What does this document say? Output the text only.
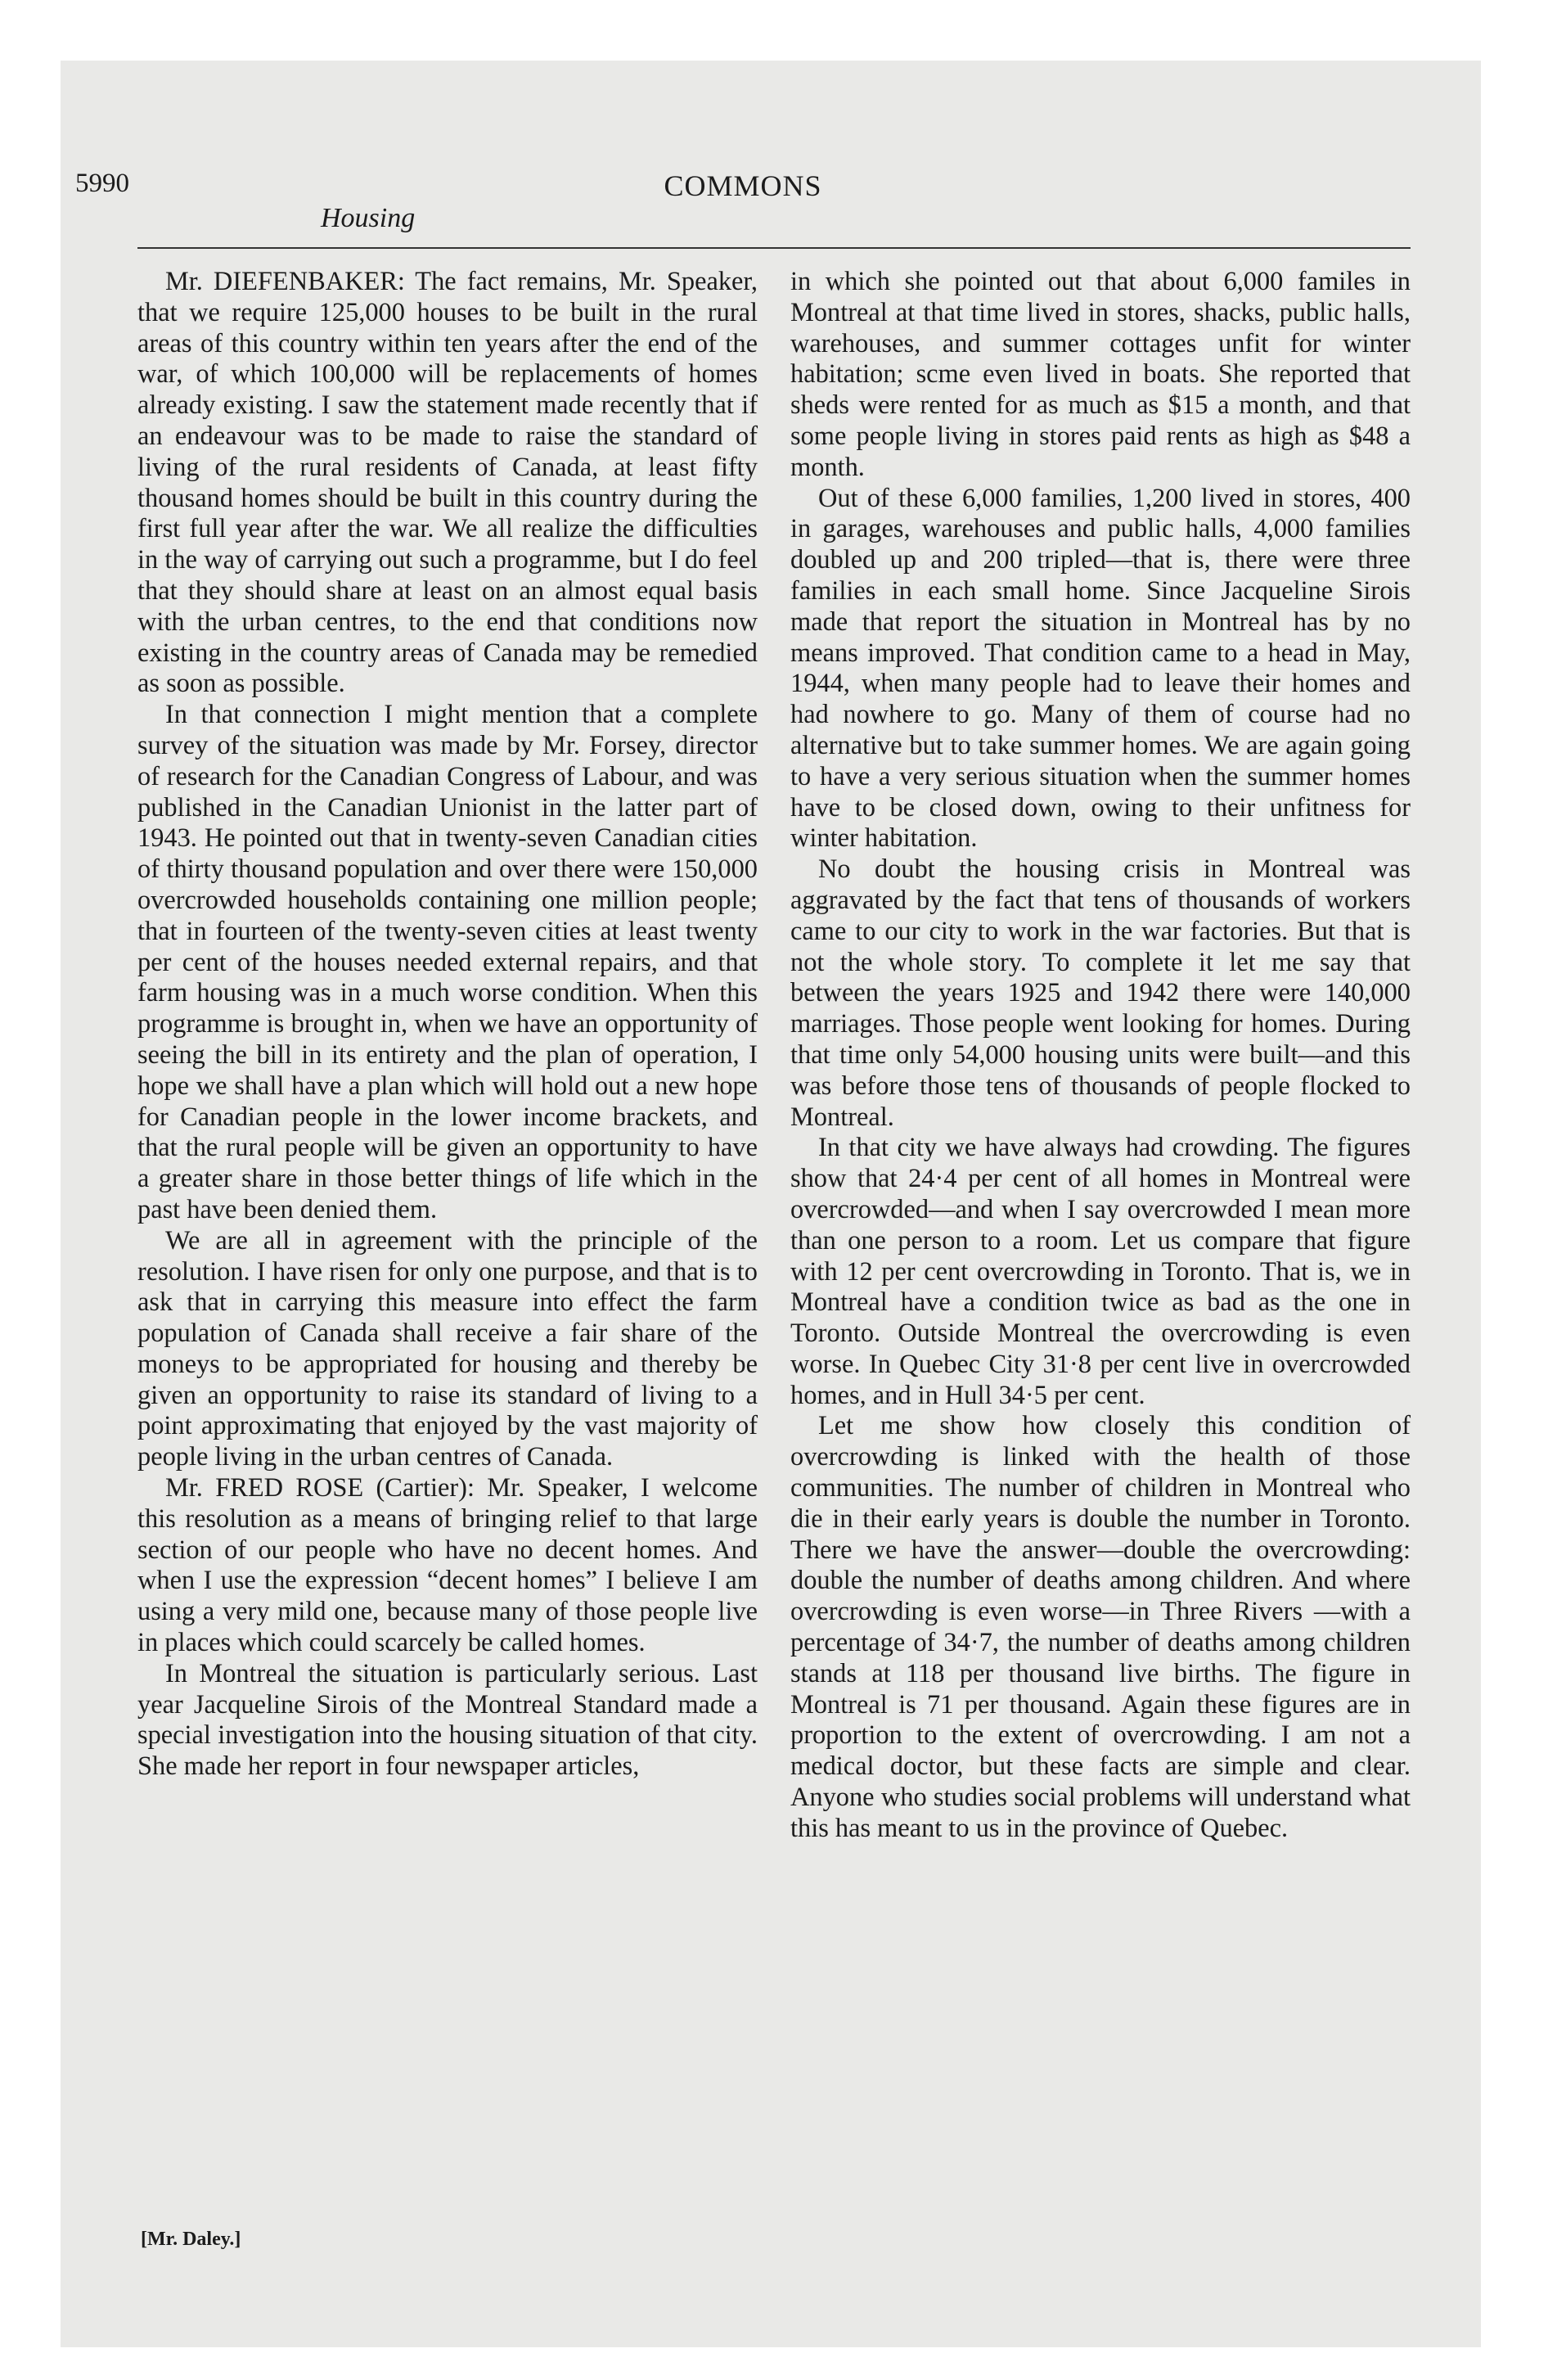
5990	COMMONS
Housing

Mr. DIEFENBAKER: The fact remains, Mr. Speaker, that we require 125,000 houses to be built in the rural areas of this country within ten years after the end of the war, of which 100,000 will be replacements of homes already existing. I saw the statement made recently that if an endeavour was to be made to raise the standard of living of the rural residents of Canada, at least fifty thousand homes should be built in this country during the first full year after the war. We all realize the difficulties in the way of carrying out such a programme, but I do feel that they should share at least on an almost equal basis with the urban centres, to the end that conditions now existing in the country areas of Canada may be remedied as soon as possible.

In that connection I might mention that a complete survey of the situation was made by Mr. Forsey, director of research for the Canadian Congress of Labour, and was published in the Canadian Unionist in the latter part of 1943. He pointed out that in twenty-seven Canadian cities of thirty thousand population and over there were 150,000 overcrowded households containing one million people; that in fourteen of the twenty-seven cities at least twenty per cent of the houses needed external repairs, and that farm housing was in a much worse condition. When this programme is brought in, when we have an opportunity of seeing the bill in its entirety and the plan of operation, I hope we shall have a plan which will hold out a new hope for Canadian people in the lower income brackets, and that the rural people will be given an opportunity to have a greater share in those better things of life which in the past have been denied them.

We are all in agreement with the principle of the resolution. I have risen for only one purpose, and that is to ask that in carrying this measure into effect the farm population of Canada shall receive a fair share of the moneys to be appropriated for housing and thereby be given an opportunity to raise its standard of living to a point approximating that enjoyed by the vast majority of people living in the urban centres of Canada.

Mr. FRED ROSE (Cartier): Mr. Speaker, I welcome this resolution as a means of bringing relief to that large section of our people who have no decent homes. And when I use the expression “decent homes” I believe I am using a very mild one, because many of those people live in places which could scarcely be called homes.

In Montreal the situation is particularly serious. Last year Jacqueline Sirois of the Montreal Standard made a special investigation into the housing situation of that city. She made her report in four newspaper articles,

in which she pointed out that about 6,000 familes in Montreal at that time lived in stores, shacks, public halls, warehouses, and summer cottages unfit for winter habitation; scme even lived in boats. She reported that sheds were rented for as much as $15 a month, and that some people living in stores paid rents as high as $48 a month.

Out of these 6,000 families, 1,200 lived in stores, 400 in garages, warehouses and public halls, 4,000 families doubled up and 200 tripled—that is, there were three families in each small home. Since Jacqueline Sirois made that report the situation in Montreal has by no means improved. That condition came to a head in May, 1944, when many people had to leave their homes and had nowhere to go. Many of them of course had no alternative but to take summer homes. We are again going to have a very serious situation when the summer homes have to be closed down, owing to their unfitness for winter habitation.

No doubt the housing crisis in Montreal was aggravated by the fact that tens of thousands of workers came to our city to work in the war factories. But that is not the whole story. To complete it let me say that between the years 1925 and 1942 there were 140,000 marriages. Those people went looking for homes. During that time only 54,000 housing units were built—and this was before those tens of thousands of people flocked to Montreal.

In that city we have always had crowding. The figures show that 24·4 per cent of all homes in Montreal were overcrowded—and when I say overcrowded I mean more than one person to a room. Let us compare that figure with 12 per cent overcrowding in Toronto. That is, we in Montreal have a condition twice as bad as the one in Toronto. Outside Montreal the overcrowding is even worse. In Quebec City 31·8 per cent live in overcrowded homes, and in Hull 34·5 per cent.

Let me show how closely this condition of overcrowding is linked with the health of those communities. The number of children in Montreal who die in their early years is double the number in Toronto. There we have the answer—double the overcrowding: double the number of deaths among children. And where overcrowding is even worse—in Three Rivers —with a percentage of 34·7, the number of deaths among children stands at 118 per thousand live births. The figure in Montreal is 71 per thousand. Again these figures are in proportion to the extent of overcrowding. I am not a medical doctor, but these facts are simple and clear. Anyone who studies social problems will understand what this has meant to us in the province of Quebec.

[Mr. Daley.]
